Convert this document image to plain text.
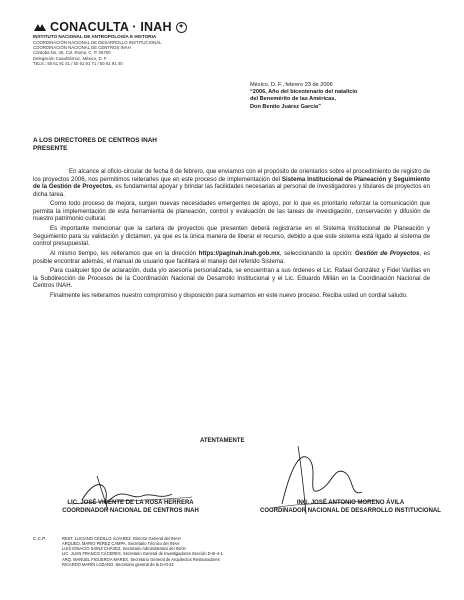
CONACULTA · INAH	✦
INSTITUTO NACIONAL DE ANTROPOLOGÍA E HISTORIA
COORDINACIÓN NACIONAL DE DESARROLLO INSTITUCIONAL
COORDINACIÓN NACIONAL DE CENTROS INAH
Córdoba No. 45, Col. Roma, C. P. 06700
Delegación Cuauhtémoc, México, D. F.
TELS.: 50 61 91 41 / 50 61 91 71 / 50 61 91 40
México, D. F., febrero 23 de 2006
“2006, Año del bicentenario del natalicio
del Benemérito de las Américas,
Don Benito Juárez García”
A LOS DIRECTORES DE CENTROS INAH
PRESENTE

En alcance al oficio-circular de fecha 8 de febrero, que enviamos con el propósito de orientarlos sobre el procedimiento de registro de los proyectos 2006, nos permitimos reiterarles que en este proceso de implementación del Sistema Institucional de Planeación y Seguimiento de la Gestión de Proyectos, es fundamental apoyar y brindar las facilidades necesarias al personal de investigadores y titulares de proyectos en dicha tarea.

Como todo proceso de mejora, surgen nuevas necesidades emergentes de apoyo, por lo que es prioritario reforzar la comunicación que permita la implementación de esta herramienta de planeación, control y evaluación de las tareas de investigación, conservación y difusión de nuestro patrimonio cultural.

Es importante mencionar que la cartera de proyectos que presenten deberá registrarse en el Sistema Institucional de Planeación y Seguimiento para su validación y dictamen, ya que es la única manera de liberar el recurso, debido a que este sistema está ligado al sistema de control presupuestal.

Al mismo tiempo, les reiteramos que en la dirección https://paginah.inah.gob.mx, seleccionando la opción: Gestión de Proyectos, es posible encontrar además, el manual de usuario que facilitará el manejo del referido Sistema.

Para cualquier tipo de aclaración, duda y/o asesoría personalizada, se encuentran a sus órdenes el Lic. Rafael González y Fidel Varillas en la Subdirección de Procesos de la Coordinación Nacional de Desarrollo Institucional y el Lic. Eduardo Millán en la Coordinación Nacional de Centros INAH.

Finalmente les reiteramos nuestro compromiso y disposición para sumarnos en este nuevo proceso. Reciba usted un cordial saludo.

ATENTAMENTE
LIC. JOSÉ VICENTE DE LA ROSA HERRERA
COORDINADOR NACIONAL DE CENTROS INAH
ING. JOSÉ ANTONIO MORENO ÁVILA
COORDINADOR NACIONAL DE DESARROLLO INSTITUCIONAL
C.C.P.	REST. LUCIANO CEDILLO ÁLVAREZ. Director General del INAH
ARQUEO. MARIO PÉREZ CAMPA. Secretario Técnico del INAH
LUIS IGNACIO SÁINZ CHÁVEZ. Secretario Administrativo del INAH
LIC. JUAN FRANCO CÁCERES. Secretario General de Investigadores Sección D-III-4-1
ARQ. MANUEL FIGUEROA MARES. Secretario General de Arquitectos Restauradores
RICARDO MARÍN LOZANO. Secretario general de la D-III-24
